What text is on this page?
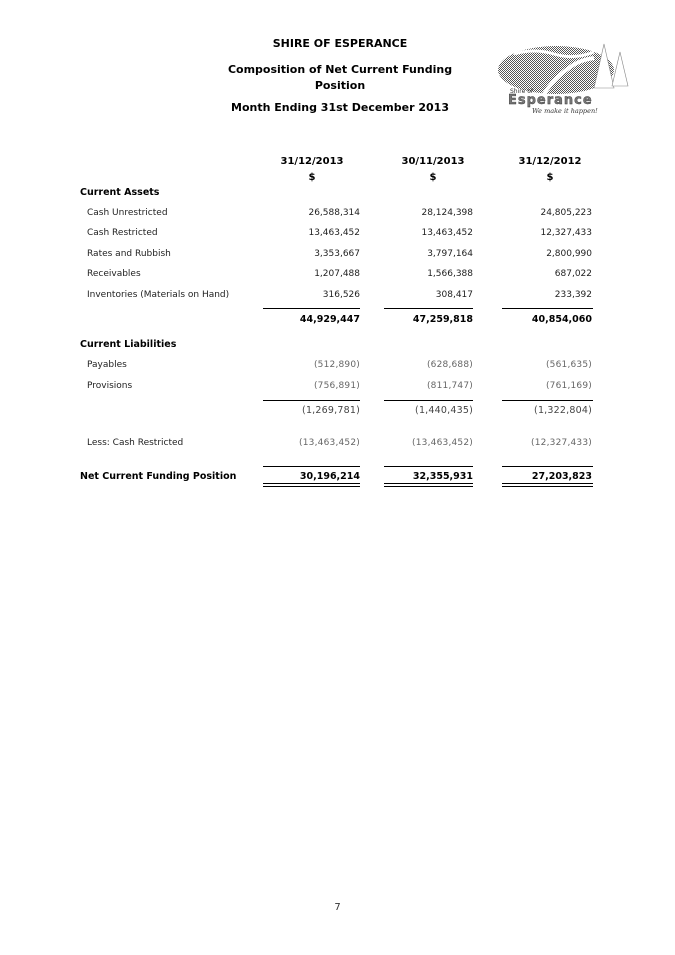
SHIRE OF ESPERANCE
Composition of Net Current Funding
Position
Month Ending 31st December 2013
Shire of
Esperance
We make it happen!
31/12/2013	30/11/2013	31/12/2012
$	$	$
Current Assets
Cash Unrestricted	26,588,314	28,124,398	24,805,223
Cash Restricted	13,463,452	13,463,452	12,327,433
Rates and Rubbish	3,353,667	3,797,164	2,800,990
Receivables	1,207,488	1,566,388	687,022
Inventories (Materials on Hand)	316,526	308,417	233,392
44,929,447	47,259,818	40,854,060
Current Liabilities
Payables	(512,890)	(628,688)	(561,635)
Provisions	(756,891)	(811,747)	(761,169)
(1,269,781)	(1,440,435)	(1,322,804)
Less: Cash Restricted	(13,463,452)	(13,463,452)	(12,327,433)
Net Current Funding Position	30,196,214	32,355,931	27,203,823
7
